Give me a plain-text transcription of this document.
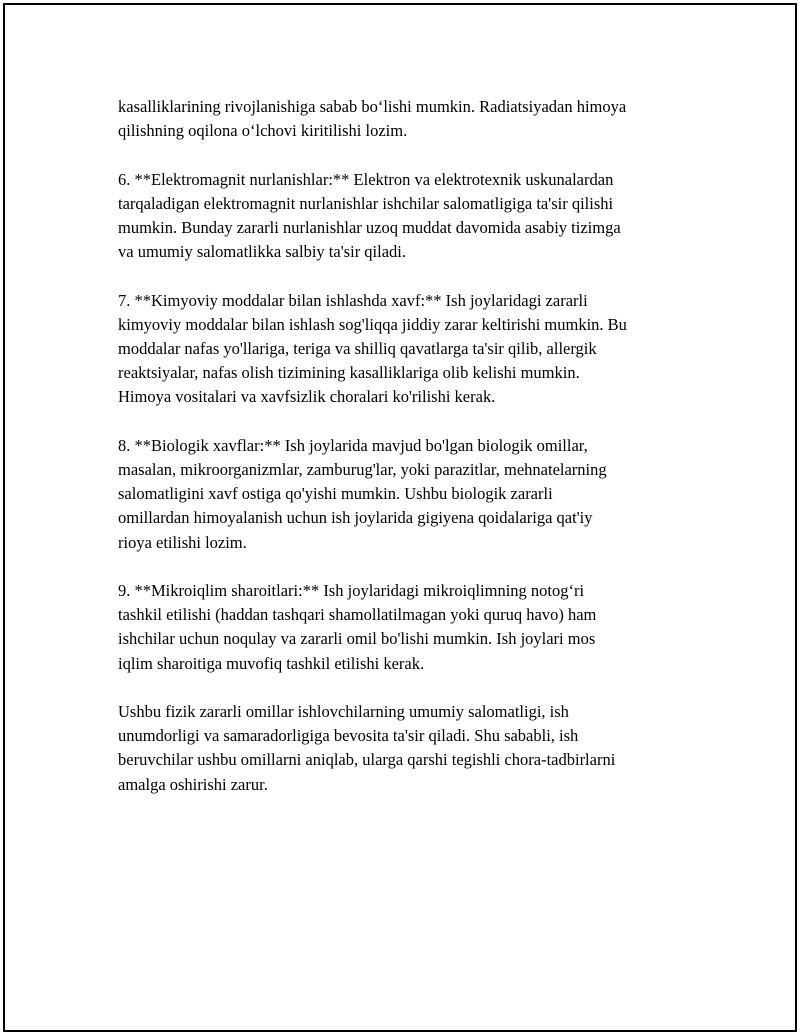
kasalliklarining rivojlanishiga sabab bo‘lishi mumkin. Radiatsiyadan himoya
qilishning oqilona o‘lchovi kiritilishi lozim.

6. **Elektromagnit nurlanishlar:** Elektron va elektrotexnik uskunalardan
tarqaladigan elektromagnit nurlanishlar ishchilar salomatligiga ta'sir qilishi
mumkin. Bunday zararli nurlanishlar uzoq muddat davomida asabiy tizimga
va umumiy salomatlikka salbiy ta'sir qiladi.

7. **Kimyoviy moddalar bilan ishlashda xavf:** Ish joylaridagi zararli
kimyoviy moddalar bilan ishlash sog'liqqa jiddiy zarar keltirishi mumkin. Bu
moddalar nafas yo'llariga, teriga va shilliq qavatlarga ta'sir qilib, allergik
reaktsiyalar, nafas olish tizimining kasalliklariga olib kelishi mumkin.
Himoya vositalari va xavfsizlik choralari ko'rilishi kerak.

8. **Biologik xavflar:** Ish joylarida mavjud bo'lgan biologik omillar,
masalan, mikroorganizmlar, zamburug'lar, yoki parazitlar, mehnatelarning
salomatligini xavf ostiga qo'yishi mumkin. Ushbu biologik zararli
omillardan himoyalanish uchun ish joylarida gigiyena qoidalariga qat'iy
rioya etilishi lozim.

9. **Mikroiqlim sharoitlari:** Ish joylaridagi mikroiqlimning notog‘ri
tashkil etilishi (haddan tashqari shamollatilmagan yoki quruq havo) ham
ishchilar uchun noqulay va zararli omil bo'lishi mumkin. Ish joylari mos
iqlim sharoitiga muvofiq tashkil etilishi kerak.

Ushbu fizik zararli omillar ishlovchilarning umumiy salomatligi, ish
unumdorligi va samaradorligiga bevosita ta'sir qiladi. Shu sababli, ish
beruvchilar ushbu omillarni aniqlab, ularga qarshi tegishli chora-tadbirlarni
amalga oshirishi zarur.
